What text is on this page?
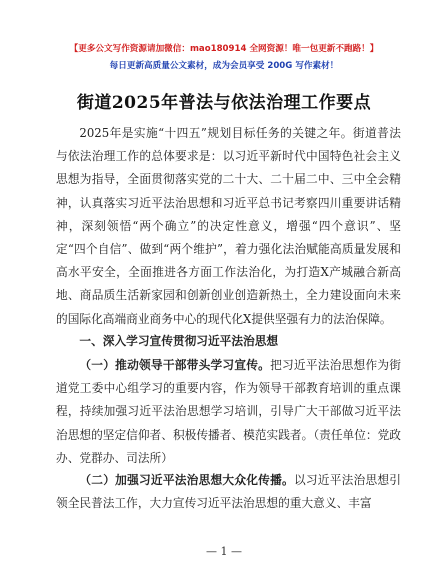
【更多公文写作资源请加微信：mao180914 全网资源！唯一包更新不跑路！】
每日更新高质量公文素材，成为会员享受 200G 写作素材！
街道2025年普法与依法治理工作要点

2025年是实施“十四五”规划目标任务的关键之年。街道普法与依法治理工作的总体要求是：以习近平新时代中国特色社会主义思想为指导，全面贯彻落实党的二十大、二十届二中、三中全会精神，认真落实习近平法治思想和习近平总书记考察四川重要讲话精神，深刻领悟“两个确立”的决定性意义，增强“四个意识”、坚定“四个自信”、做到“两个维护”，着力强化法治赋能高质量发展和高水平安全，全面推进各方面工作法治化，为打造X产城融合新高地、商品质生活新家园和创新创业创造新热土，全力建设面向未来的国际化高端商业商务中心的现代化X提供坚强有力的法治保障。

一、深入学习宣传贯彻习近平法治思想

（一）推动领导干部带头学习宣传。把习近平法治思想作为街道党工委中心组学习的重要内容，作为领导干部教育培训的重点课程，持续加强习近平法治思想学习培训，引导广大干部做习近平法治思想的坚定信仰者、积极传播者、模范实践者。（责任单位：党政办、党群办、司法所）

（二）加强习近平法治思想大众化传播。以习近平法治思想引领全民普法工作，大力宣传习近平法治思想的重大意义、丰富

— 1 —
